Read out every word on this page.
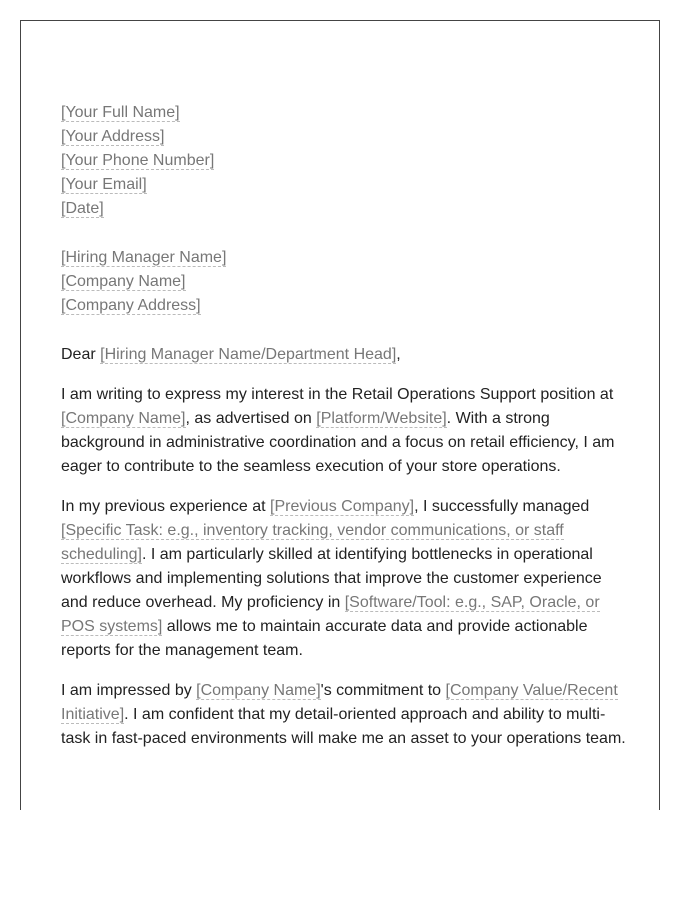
[Your Full Name]
[Your Address]
[Your Phone Number]
[Your Email]
[Date]
[Hiring Manager Name]
[Company Name]
[Company Address]

Dear [Hiring Manager Name/Department Head],

I am writing to express my interest in the Retail Operations Support position at [Company Name], as advertised on [Platform/Website]. With a strong background in administrative coordination and a focus on retail efficiency, I am eager to contribute to the seamless execution of your store operations.

In my previous experience at [Previous Company], I successfully managed [Specific Task: e.g., inventory tracking, vendor communications, or staff scheduling]. I am particularly skilled at identifying bottlenecks in operational workflows and implementing solutions that improve the customer experience and reduce overhead. My proficiency in [Software/Tool: e.g., SAP, Oracle, or POS systems] allows me to maintain accurate data and provide actionable reports for the management team.

I am impressed by [Company Name]'s commitment to [Company Value/Recent Initiative]. I am confident that my detail-oriented approach and ability to multi-task in fast-paced environments will make me an asset to your operations team.
